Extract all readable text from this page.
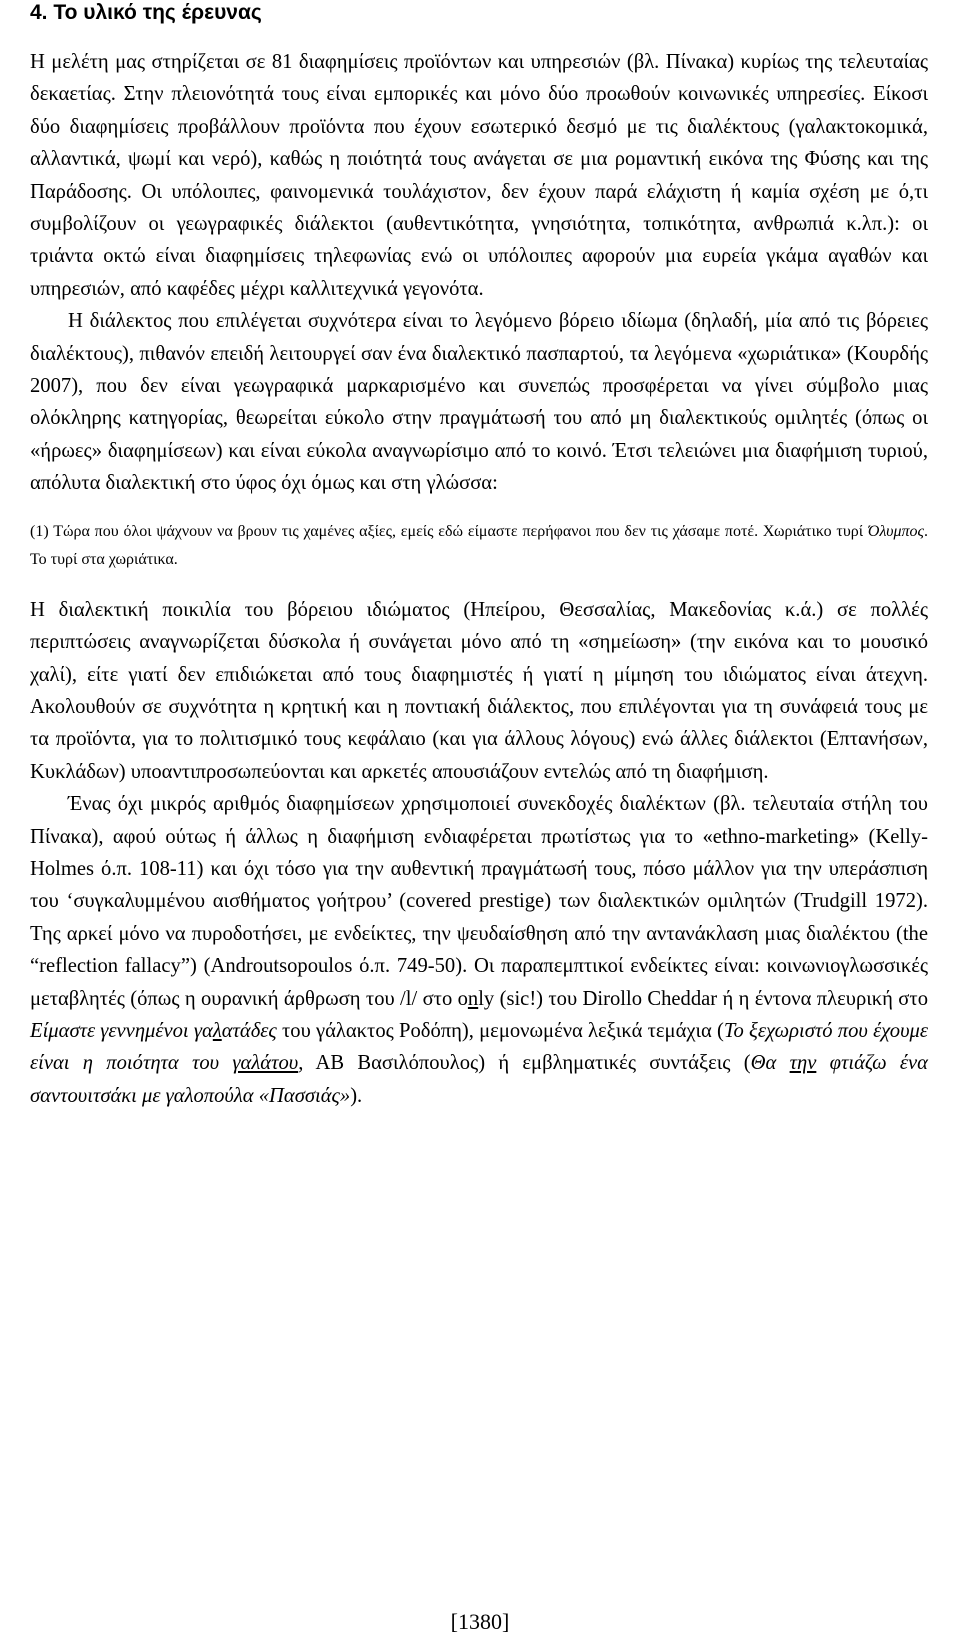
4. Το υλικό της έρευνας

Η μελέτη μας στηρίζεται σε 81 διαφημίσεις προϊόντων και υπηρεσιών (βλ. Πίνακα) κυρίως της τελευταίας δεκαετίας. Στην πλειονότητά τους είναι εμπορικές και μόνο δύο προωθούν κοινωνικές υπηρεσίες. Είκοσι δύο διαφημίσεις προβάλλουν προϊόντα που έχουν εσωτερικό δεσμό με τις διαλέκτους (γαλακτοκομικά, αλλαντικά, ψωμί και νερό), καθώς η ποιότητά τους ανάγεται σε μια ρομαντική εικόνα της Φύσης και της Παράδοσης. Οι υπόλοιπες, φαινομενικά τουλάχιστον, δεν έχουν παρά ελάχιστη ή καμία σχέση με ό,τι συμβολίζουν οι γεωγραφικές διάλεκτοι (αυθεντικότητα, γνησιότητα, τοπικότητα, ανθρωπιά κ.λπ.): οι τριάντα οκτώ είναι διαφημίσεις τηλεφωνίας ενώ οι υπόλοιπες αφορούν μια ευρεία γκάμα αγαθών και υπηρεσιών, από καφέδες μέχρι καλλιτεχνικά γεγονότα.

Η διάλεκτος που επιλέγεται συχνότερα είναι το λεγόμενο βόρειο ιδίωμα (δηλαδή, μία από τις βόρειες διαλέκτους), πιθανόν επειδή λειτουργεί σαν ένα διαλεκτικό πασπαρτού, τα λεγόμενα «χωριάτικα» (Κουρδής 2007), που δεν είναι γεωγραφικά μαρκαρισμένο και συνεπώς προσφέρεται να γίνει σύμβολο μιας ολόκληρης κατηγορίας, θεωρείται εύκολο στην πραγμάτωσή του από μη διαλεκτικούς ομιλητές (όπως οι «ήρωες» διαφημίσεων) και είναι εύκολα αναγνωρίσιμο από το κοινό. Έτσι τελειώνει μια διαφήμιση τυριού, απόλυτα διαλεκτική στο ύφος όχι όμως και στη γλώσσα:

(1) Τώρα που όλοι ψάχνουν να βρουν τις χαμένες αξίες, εμείς εδώ είμαστε περήφανοι που δεν τις χάσαμε ποτέ. Χωριάτικο τυρί Όλυμπος. Το τυρί στα χωριάτικα.

Η διαλεκτική ποικιλία του βόρειου ιδιώματος (Ηπείρου, Θεσσαλίας, Μακεδονίας κ.ά.) σε πολλές περιπτώσεις αναγνωρίζεται δύσκολα ή συνάγεται μόνο από τη «σημείωση» (την εικόνα και το μουσικό χαλί), είτε γιατί δεν επιδιώκεται από τους διαφημιστές ή γιατί η μίμηση του ιδιώματος είναι άτεχνη. Ακολουθούν σε συχνότητα η κρητική και η ποντιακή διάλεκτος, που επιλέγονται για τη συνάφειά τους με τα προϊόντα, για το πολιτισμικό τους κεφάλαιο (και για άλλους λόγους) ενώ άλλες διάλεκτοι (Επτανήσων, Κυκλάδων) υποαντιπροσωπεύονται και αρκετές απουσιάζουν εντελώς από τη διαφήμιση.

Ένας όχι μικρός αριθμός διαφημίσεων χρησιμοποιεί συνεκδοχές διαλέκτων (βλ. τελευταία στήλη του Πίνακα), αφού ούτως ή άλλως η διαφήμιση ενδιαφέρεται πρωτίστως για το «ethno-marketing» (Kelly-Holmes ό.π. 108-11) και όχι τόσο για την αυθεντική πραγμάτωσή τους, πόσο μάλλον για την υπεράσπιση του ‘συγκαλυμμένου αισθήματος γοήτρου’ (covered prestige) των διαλεκτικών ομιλητών (Trudgill 1972). Της αρκεί μόνο να πυροδοτήσει, με ενδείκτες, την ψευδαίσθηση από την αντανάκλαση μιας διαλέκτου (the “reflection fallacy”) (Androutsopoulos ό.π. 749-50). Οι παραπεμπτικοί ενδείκτες είναι: κοινωνιογλωσσικές μεταβλητές (όπως η ουρανική άρθρωση του /l/ στο only (sic!) του Dirollo Cheddar ή η έντονα πλευρική στο Είμαστε γεννημένοι γαλατάδες του γάλακτος Ροδόπη), μεμονωμένα λεξικά τεμάχια (Το ξεχωριστό που έχουμε είναι η ποιότητα του γαλάτου, ΑΒ Βασιλόπουλος) ή εμβληματικές συντάξεις (Θα την φτιάζω ένα σαντουιτσάκι με γαλοπούλα «Πασσιάς»).

[1380]
